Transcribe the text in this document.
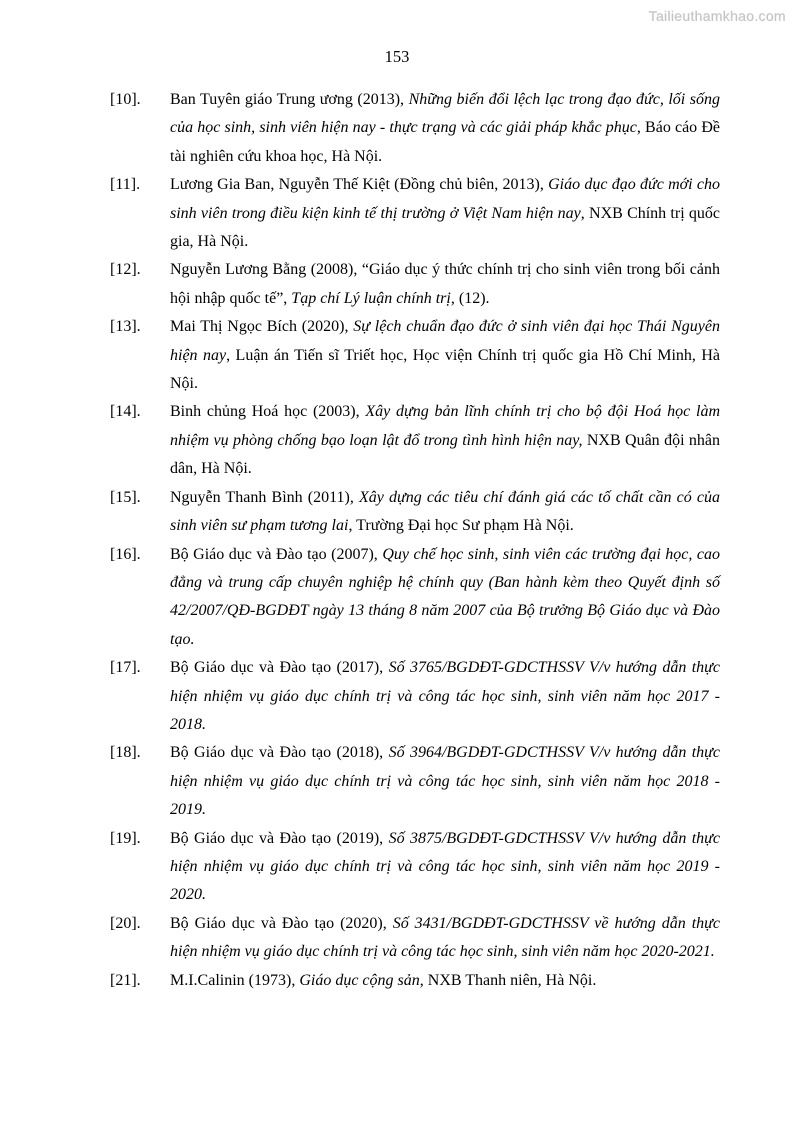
Tailieuthamkhao.com
153
[10].	Ban Tuyên giáo Trung ương (2013), Những biến đổi lệch lạc trong đạo đức, lối sống của học sinh, sinh viên hiện nay - thực trạng và các giải pháp khắc phục, Báo cáo Đề tài nghiên cứu khoa học, Hà Nội.
[11].	Lương Gia Ban, Nguyễn Thế Kiệt (Đồng chủ biên, 2013), Giáo dục đạo đức mới cho sinh viên trong điều kiện kinh tế thị trường ở Việt Nam hiện nay, NXB Chính trị quốc gia, Hà Nội.
[12].	Nguyễn Lương Bằng (2008), “Giáo dục ý thức chính trị cho sinh viên trong bối cảnh hội nhập quốc tế”, Tạp chí Lý luận chính trị, (12).
[13].	Mai Thị Ngọc Bích (2020), Sự lệch chuẩn đạo đức ở sinh viên đại học Thái Nguyên hiện nay, Luận án Tiến sĩ Triết học, Học viện Chính trị quốc gia Hồ Chí Minh, Hà Nội.
[14].	Binh chủng Hoá học (2003), Xây dựng bản lĩnh chính trị cho bộ đội Hoá học làm nhiệm vụ phòng chống bạo loạn lật đổ trong tình hình hiện nay, NXB Quân đội nhân dân, Hà Nội.
[15].	Nguyễn Thanh Bình (2011), Xây dựng các tiêu chí đánh giá các tố chất cần có của sinh viên sư phạm tương lai, Trường Đại học Sư phạm Hà Nội.
[16].	Bộ Giáo dục và Đào tạo (2007), Quy chế học sinh, sinh viên các trường đại học, cao đẳng và trung cấp chuyên nghiệp hệ chính quy (Ban hành kèm theo Quyết định số 42/2007/QĐ-BGDĐT ngày 13 tháng 8 năm 2007 của Bộ trưởng Bộ Giáo dục và Đào tạo.
[17].	Bộ Giáo dục và Đào tạo (2017), Số 3765/BGDĐT-GDCTHSSV V/v hướng dẫn thực hiện nhiệm vụ giáo dục chính trị và công tác học sinh, sinh viên năm học 2017 - 2018.
[18].	Bộ Giáo dục và Đào tạo (2018), Số 3964/BGDĐT-GDCTHSSV V/v hướng dẫn thực hiện nhiệm vụ giáo dục chính trị và công tác học sinh, sinh viên năm học 2018 - 2019.
[19].	Bộ Giáo dục và Đào tạo (2019), Số 3875/BGDĐT-GDCTHSSV V/v hướng dẫn thực hiện nhiệm vụ giáo dục chính trị và công tác học sinh, sinh viên năm học 2019 - 2020.
[20].	Bộ Giáo dục và Đào tạo (2020), Số 3431/BGDĐT-GDCTHSSV về hướng dẫn thực hiện nhiệm vụ giáo dục chính trị và công tác học sinh, sinh viên năm học 2020-2021.
[21].	M.I.Calinin (1973), Giáo dục cộng sản, NXB Thanh niên, Hà Nội.
